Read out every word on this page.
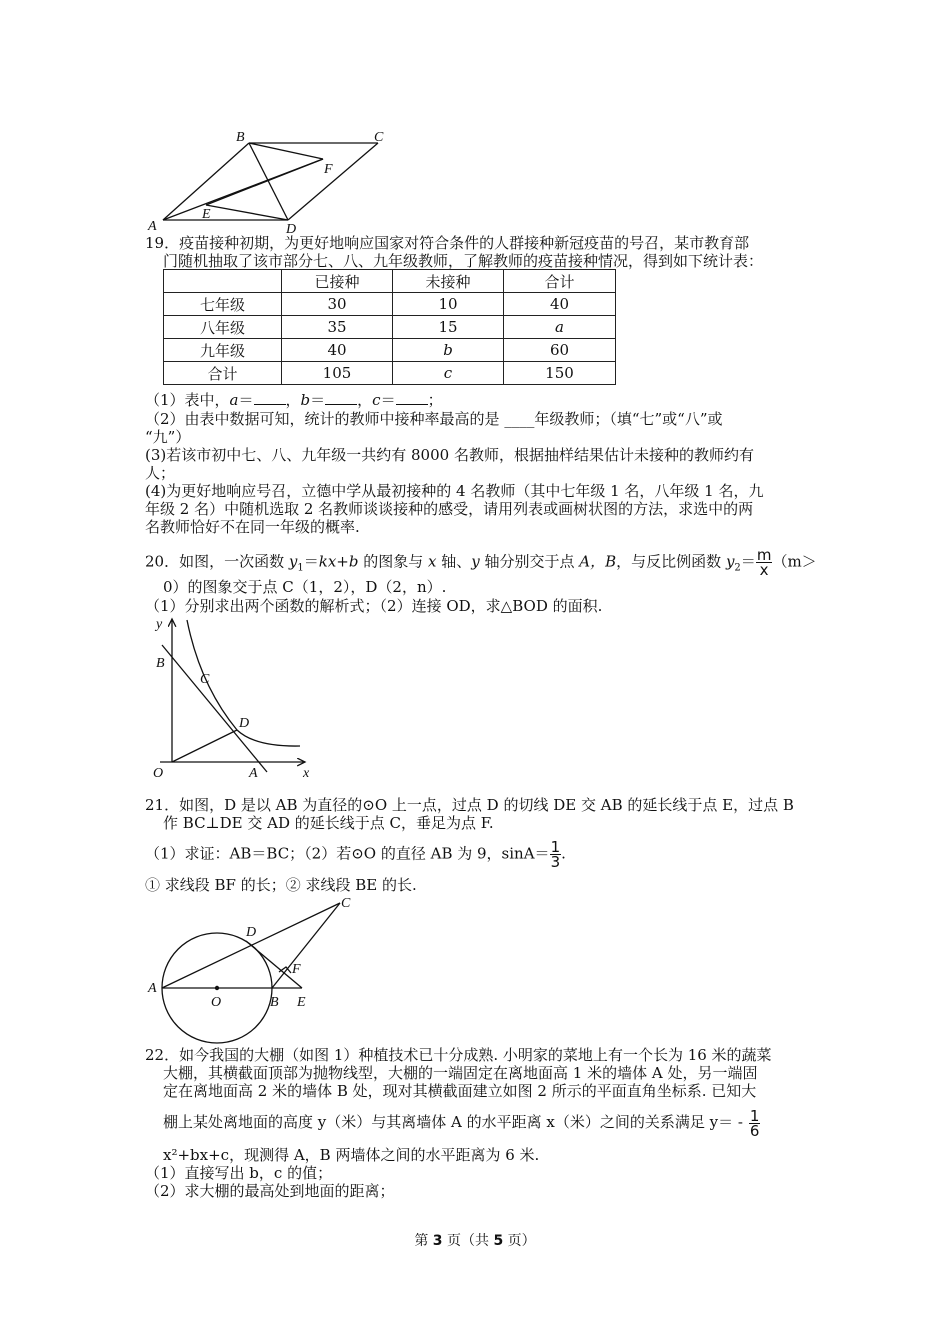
A
B	C
D
E
F
19．疫苗接种初期，为更好地响应国家对符合条件的人群接种新冠疫苗的号召，某市教育部
门随机抽取了该市部分七、八、九年级教师，了解教师的疫苗接种情况，得到如下统计表：
	已接种	未接种	合计
七年级	30	10	40
八年级	35	15	a
九年级	40	b	60
合计	105	c	150
（1）表中，a＝ ，b＝ ，c＝ ；
（2）由表中数据可知，统计的教师中接种率最高的是 ____年级教师；（填“七”或“八”或
“九”）
(3)若该市初中七、八、九年级一共约有 8000 名教师，根据抽样结果估计未接种的教师约有
人；
(4)为更好地响应号召，立德中学从最初接种的 4 名教师（其中七年级 1 名，八年级 1 名，九
年级 2 名）中随机选取 2 名教师谈谈接种的感受，请用列表或画树状图的方法，求选中的两
名教师恰好不在同一年级的概率.
20．如图，一次函数 $y_1=kx+b$ 的图象与 x 轴、y 轴分别交于点 A，B，与反比例函数 $y_2= \frac{m}{x} (m>$
0）的图象交于点 C（1，2），D（2，n）.
（1）分别求出两个函数的解析式；（2）连接 OD，求△BOD 的面积.
y
x
O	A
B
C
D
21．如图，D 是以 AB 为直径的⊙O 上一点，过点 D 的切线 DE 交 AB 的延长线于点 E，过点 B
作 BC⊥DE 交 AD 的延长线于点 C，垂足为点 F.
（1）求证：AB＝BC；（2）若⊙O 的直径 AB 为 9，$\sin A= \frac{1}{3}$ .
① 求线段 BF 的长；② 求线段 BE 的长.
A
O	B E
D
F
C
22．如今我国的大棚（如图 1）种植技术已十分成熟. 小明家的菜地上有一个长为 16 米的蔬菜
大棚，其横截面顶部为抛物线型，大棚的一端固定在离地面高 1 米的墙体 A 处，另一端固
定在离地面高 2 米的墙体 B 处，现对其横截面建立如图 2 所示的平面直角坐标系. 已知大
棚上某处离地面的高度 y（米）与其离墙体 A 的水平距离 x（米）之间的关系满足 $y= - \frac{1}{6}$
x²+bx+c，现测得 A，B 两墙体之间的水平距离为 6 米.
（1）直接写出 b，c 的值；
（2）求大棚的最高处到地面的距离；
第 3 页（共 5 页）
